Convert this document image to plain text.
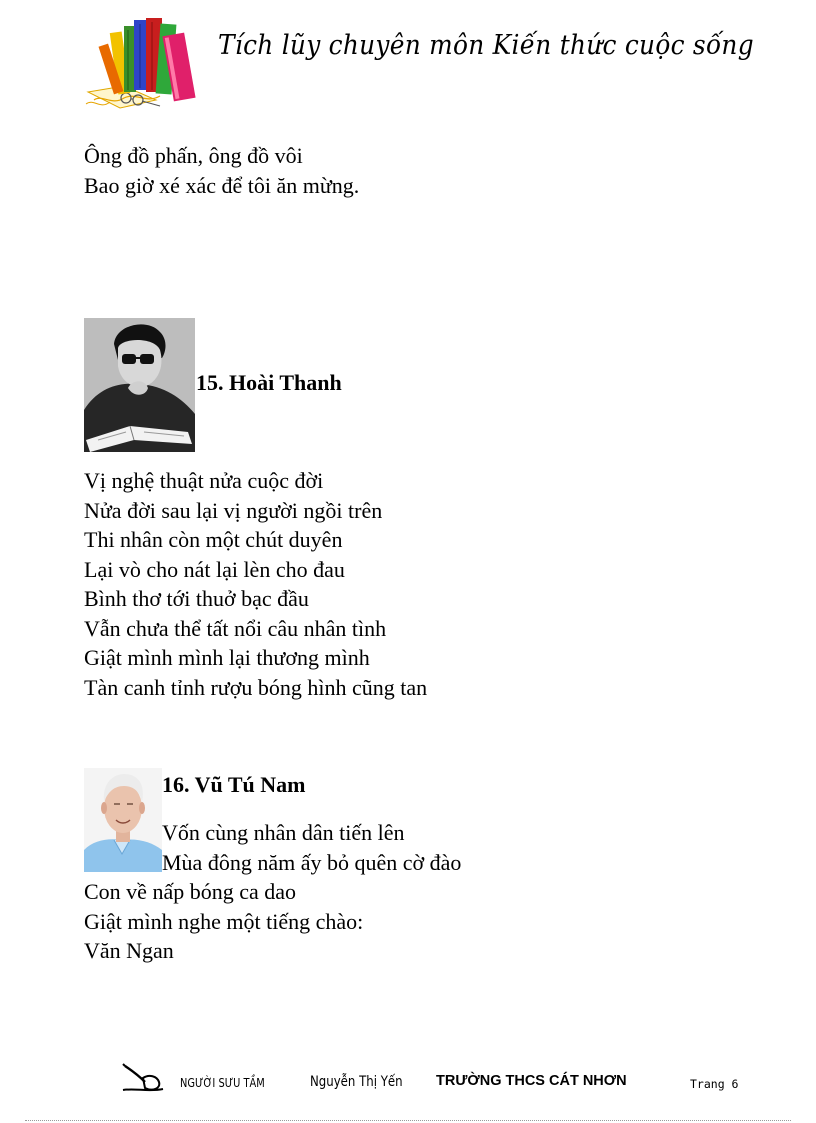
Tích lũy chuyên môn Kiến thức cuộc sống
Ông đồ phấn, ông đồ vôi
Bao giờ xé xác để tôi ăn mừng.
15. Hoài Thanh
Vị nghệ thuật nửa cuộc đời
Nửa đời sau lại vị người ngồi trên
Thi nhân còn một chút duyên
Lại vò cho nát lại lèn cho đau
Bình thơ tới thuở bạc đầu
Vẫn chưa thể tất nổi câu nhân tình
Giật mình mình lại thương mình
Tàn canh tỉnh rượu bóng hình cũng tan
16. Vũ Tú Nam
Vốn cùng nhân dân tiến lên
Mùa đông năm ấy bỏ quên cờ đào
Con về nấp bóng ca dao
Giật mình nghe một tiếng chào:
Văn Ngan
NGƯỜI SƯU TẦM	Nguyễn Thị Yến TRƯỜNG THCS CÁT NHƠN	Trang 6
